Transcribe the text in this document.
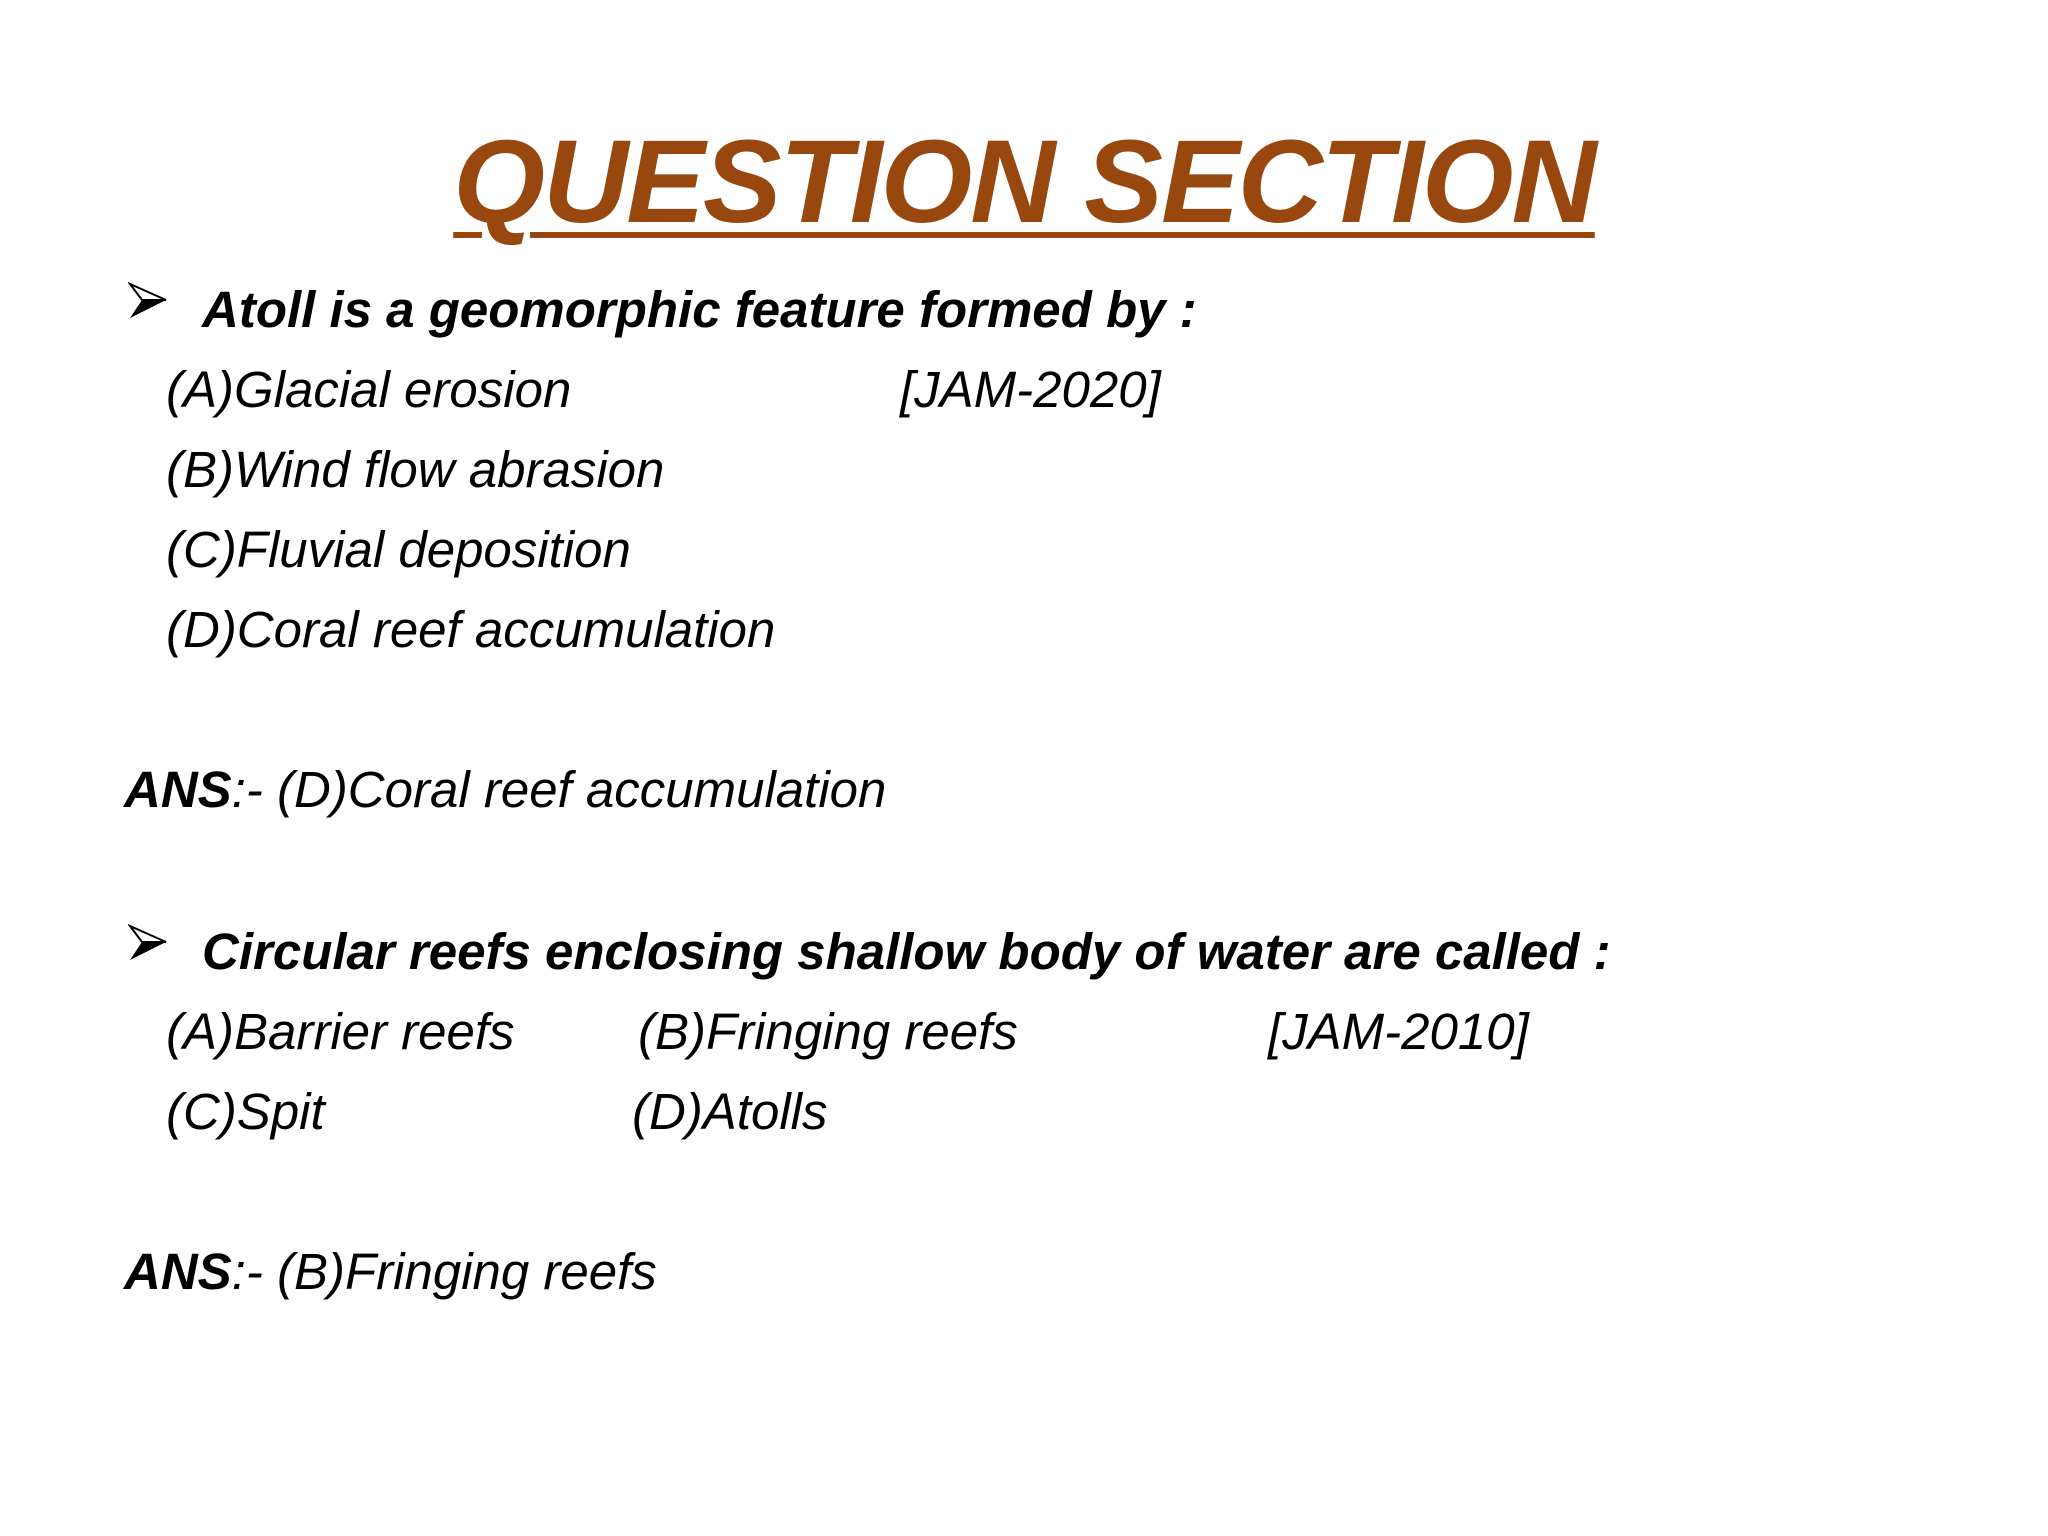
QUESTION SECTION
Atoll is a geomorphic feature formed by :
(A)Glacial erosion	[JAM-2020]
(B)Wind flow abrasion
(C)Fluvial deposition
(D)Coral reef accumulation
ANS:- (D)Coral reef accumulation
Circular reefs enclosing shallow body of water are called :
(A)Barrier reefs (B)Fringing reefs	[JAM-2010]
(C)Spit	(D)Atolls
ANS:- (B)Fringing reefs
